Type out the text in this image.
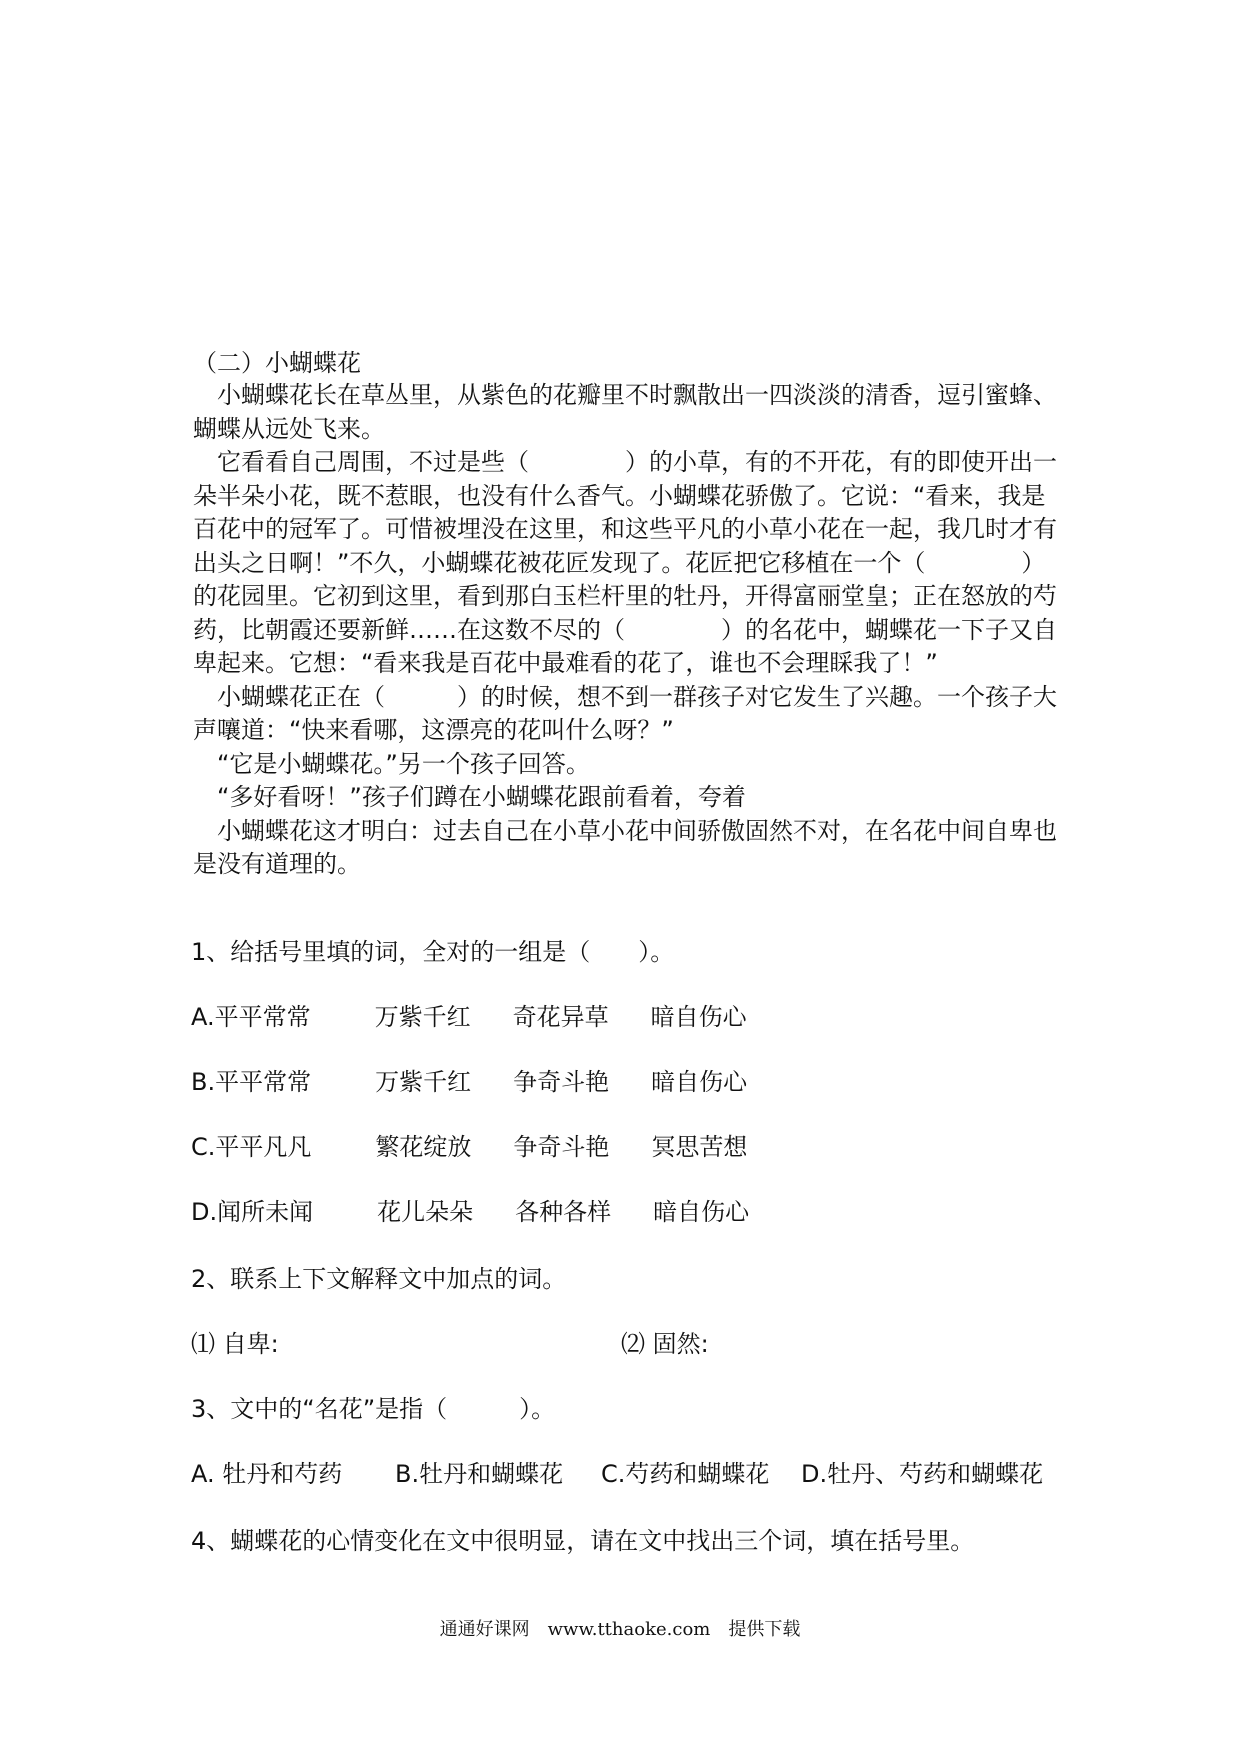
（二）小蝴蝶花

小蝴蝶花长在草丛里，从紫色的花瓣里不时飘散出一四淡淡的清香，逗引蜜蜂、蝴蝶从远处飞来。

它看看自己周围，不过是些（　　　　）的小草，有的不开花，有的即使开出一朵半朵小花，既不惹眼，也没有什么香气。小蝴蝶花骄傲了。它说：“看来，我是百花中的冠军了。可惜被埋没在这里，和这些平凡的小草小花在一起，我几时才有出头之日啊！”不久，小蝴蝶花被花匠发现了。花匠把它移植在一个（　　　　）的花园里。它初到这里，看到那白玉栏杆里的牡丹，开得富丽堂皇；正在怒放的芍药，比朝霞还要新鲜……在这数不尽的（　　　　）的名花中，蝴蝶花一下子又自卑起来。它想：“看来我是百花中最难看的花了，谁也不会理睬我了！”

小蝴蝶花正在（　　　）的时候，想不到一群孩子对它发生了兴趣。一个孩子大声嚷道：“快来看哪，这漂亮的花叫什么呀？”

“它是小蝴蝶花。”另一个孩子回答。

“多好看呀！”孩子们蹲在小蝴蝶花跟前看着，夸着

小蝴蝶花这才明白：过去自己在小草小花中间骄傲固然不对，在名花中间自卑也是没有道理的。

1、给括号里填的词，全对的一组是（　　）。
A.平平常常	万紫千红 奇花异草 暗自伤心
B.平平常常	万紫千红 争奇斗艳 暗自伤心
C.平平凡凡	繁花绽放 争奇斗艳 冥思苦想
D.闻所未闻	花儿朵朵 各种各样 暗自伤心
2、联系上下文解释文中加点的词。
⑴ 自卑:	⑵ 固然:
3、文中的“名花”是指（　　　）。
A. 牡丹和芍药 B.牡丹和蝴蝶花 C.芍药和蝴蝶花 D.牡丹、芍药和蝴蝶花
4、蝴蝶花的心情变化在文中很明显，请在文中找出三个词，填在括号里。
通通好课网　www.tthaoke.com　提供下载
